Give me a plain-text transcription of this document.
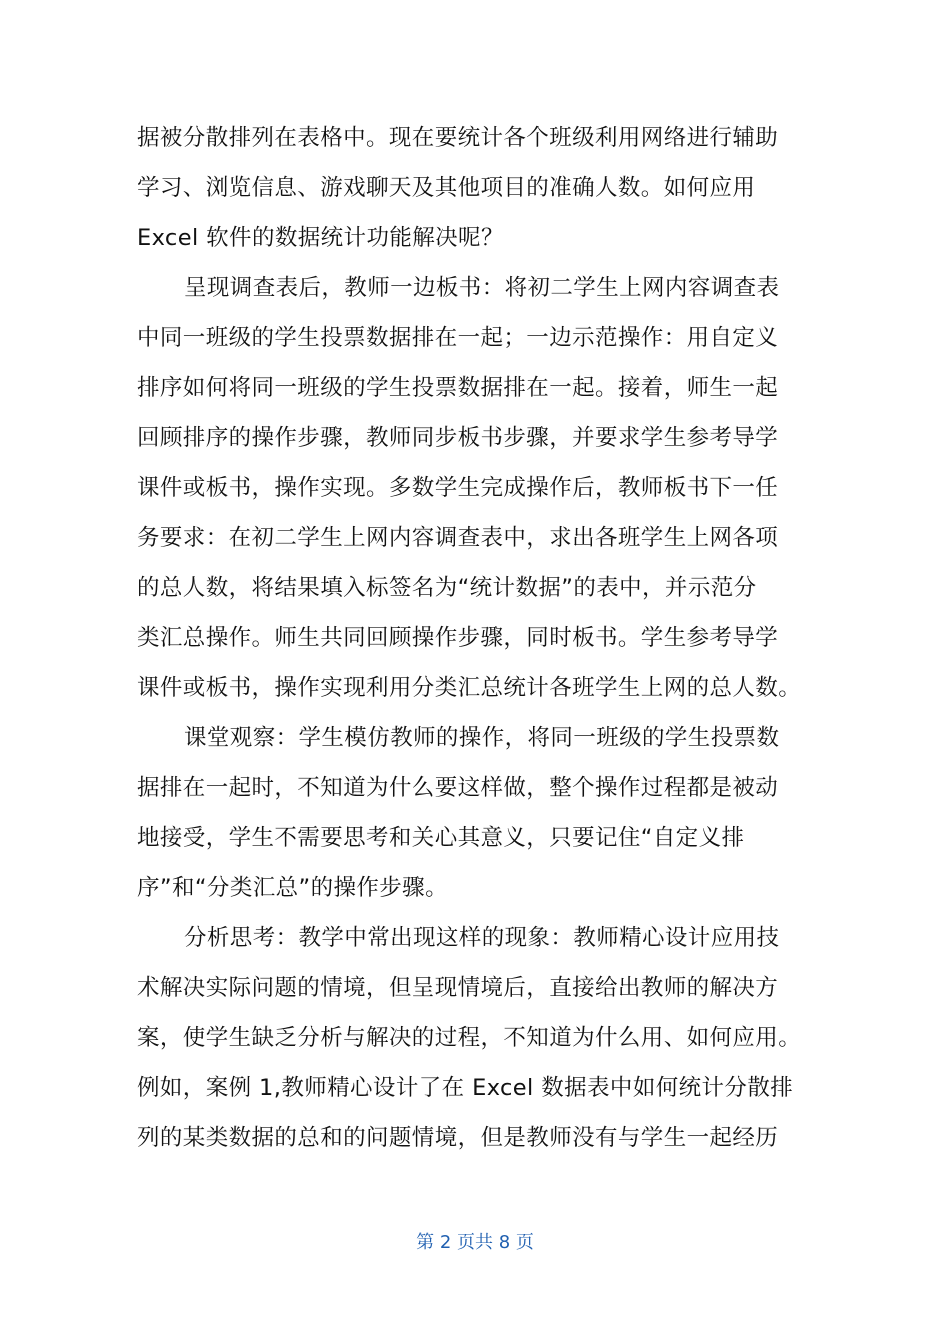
据被分散排列在表格中。现在要统计各个班级利用网络进行辅助
学习、浏览信息、游戏聊天及其他项目的准确人数。如何应用
Excel 软件的数据统计功能解决呢？
呈现调查表后，教师一边板书：将初二学生上网内容调查表
中同一班级的学生投票数据排在一起；一边示范操作：用自定义
排序如何将同一班级的学生投票数据排在一起。接着，师生一起
回顾排序的操作步骤，教师同步板书步骤，并要求学生参考导学
课件或板书，操作实现。多数学生完成操作后，教师板书下一任
务要求：在初二学生上网内容调查表中，求出各班学生上网各项
的总人数，将结果填入标签名为“统计数据”的表中，并示范分
类汇总操作。师生共同回顾操作步骤，同时板书。学生参考导学
课件或板书，操作实现利用分类汇总统计各班学生上网的总人数。
课堂观察：学生模仿教师的操作，将同一班级的学生投票数
据排在一起时，不知道为什么要这样做，整个操作过程都是被动
地接受，学生不需要思考和关心其意义，只要记住“自定义排
序”和“分类汇总”的操作步骤。
分析思考：教学中常出现这样的现象：教师精心设计应用技
术解决实际问题的情境，但呈现情境后，直接给出教师的解决方
案，使学生缺乏分析与解决的过程，不知道为什么用、如何应用。
例如，案例 1,教师精心设计了在 Excel 数据表中如何统计分散排
列的某类数据的总和的问题情境，但是教师没有与学生一起经历
第 2 页共 8 页
